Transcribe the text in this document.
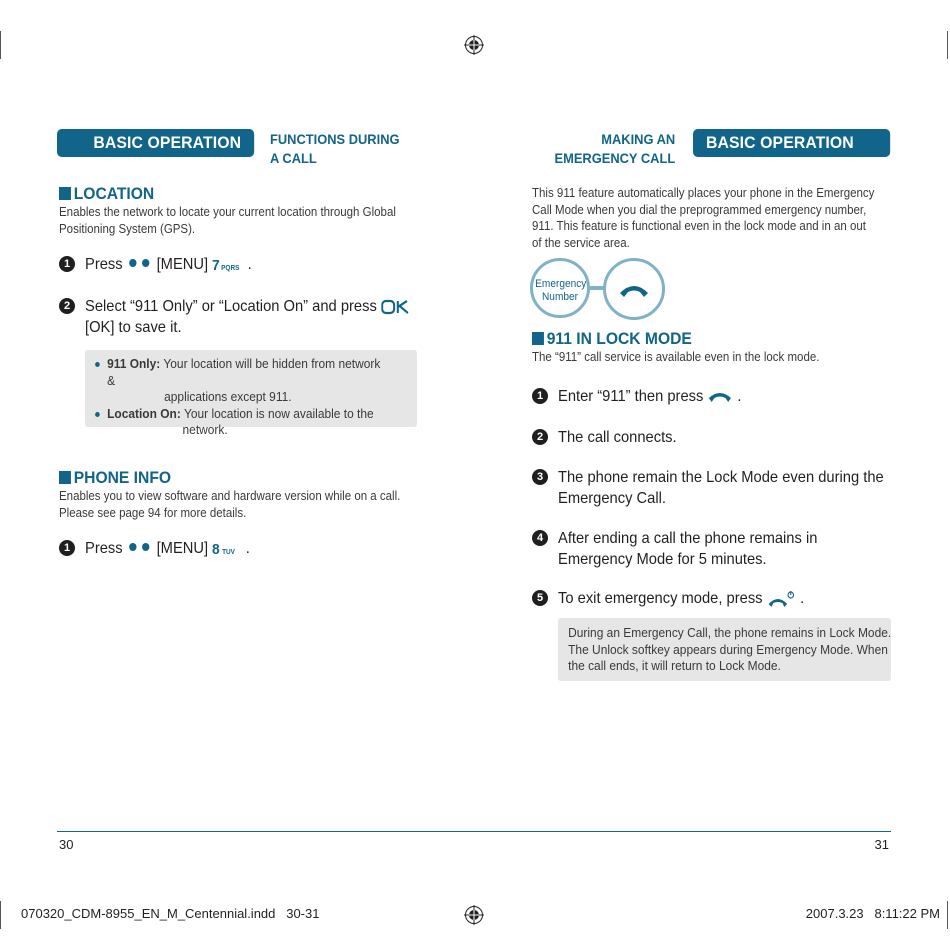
BASIC OPERATION	FUNCTIONS DURING
A CALL
LOCATION
Enables the network to locate your current location through Global
Positioning System (GPS).
1 Press [MENU] 7 PQRS .
2 Select “911 Only” or “Location On” and press
[OK] to save it.
911 Only: Your location will be hidden from network &
applications except 911.
Location On: Your location is now available to the
network.
PHONE INFO
Enables you to view software and hardware version while on a call.
Please see page 94 for more details.
1 Press [MENU] 8 TUV .
MAKING AN
EMERGENCY CALL
BASIC OPERATION
This 911 feature automatically places your phone in the Emergency
Call Mode when you dial the preprogrammed emergency number,
911. This feature is functional even in the lock mode and in an out
of the service area.
Emergency
Number
911 IN LOCK MODE
The “911” call service is available even in the lock mode.
1 Enter “911” then press .
2 The call connects.
3 The phone remain the Lock Mode even during the
Emergency Call.
4 After ending a call the phone remains in
Emergency Mode for 5 minutes.
5 To exit emergency mode, press .
During an Emergency Call, the phone remains in Lock Mode.
The Unlock softkey appears during Emergency Mode. When
the call ends, it will return to Lock Mode.
30	31
070320_CDM-8955_EN_M_Centennial.indd   30-31	2007.3.23   8:11:22 PM
